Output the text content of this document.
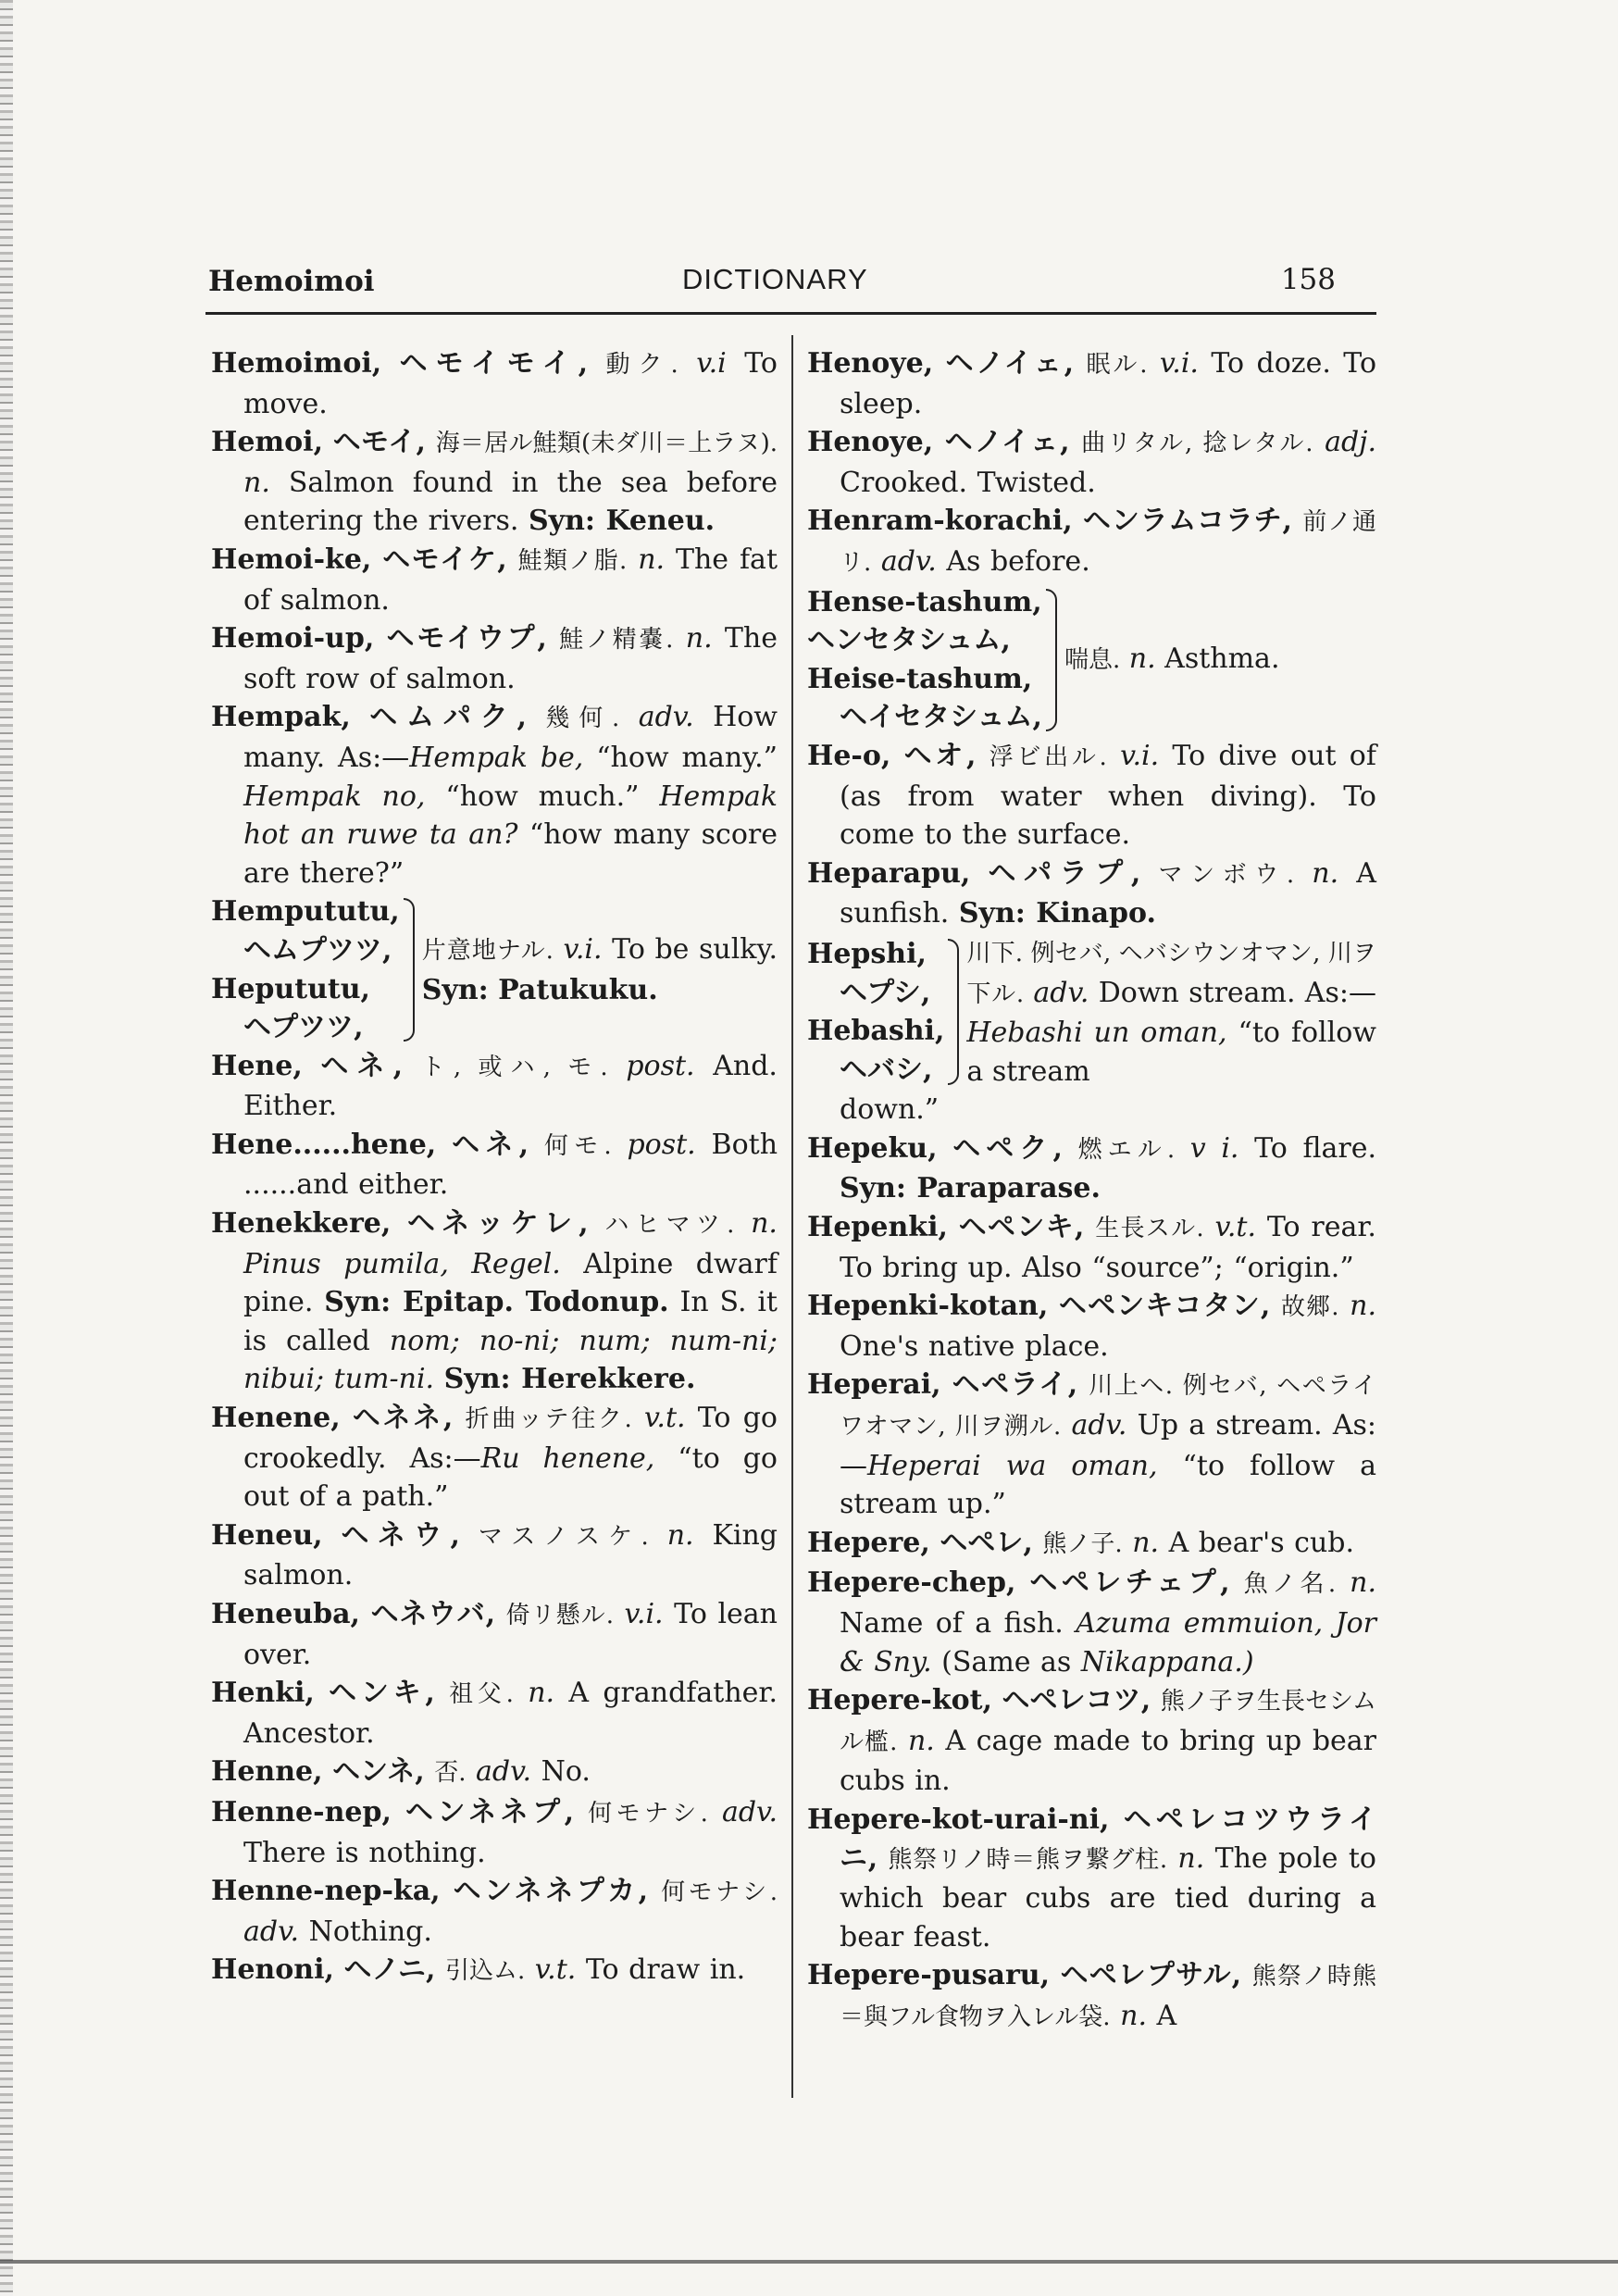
Hemoimoi	DICTIONARY	158

Hemoimoi, ヘモイモイ, 動ク. v.i To move.

Hemoi, ヘモイ, 海＝居ル鮭類(未ダ川＝上ラヌ). n. Salmon found in the sea before entering the rivers. Syn: Keneu.

Hemoi-ke, ヘモイケ, 鮭類ノ脂. n. The fat of salmon.

Hemoi-up, ヘモイウプ, 鮭ノ精嚢. n. The soft row of salmon.

Hempak, ヘムパク, 幾何. adv. How many. As:—Hempak be, “how many.” Hempak no, “how much.” Hempak hot an ruwe ta an? “how many score are there?”

Hempututu,
ヘムプツツ,
Hepututu,
ヘプツツ,
片意地ナル. v.i. To be sulky. Syn: Patukuku.

Hene, ヘネ, ト, 或ハ, モ. post. And. Either.

Hene......hene, ヘネ, 何モ. post. Both ......and either.

Henekkere, ヘネッケレ, ハヒマツ. n. Pinus pumila, Regel. Alpine dwarf pine. Syn: Epitap. Todonup. In S. it is called nom; no-ni; num; num-ni; nibui; tum-ni. Syn: Herekkere.

Henene, ヘネネ, 折曲ッテ往ク. v.t. To go crookedly. As:—Ru henene, “to go out of a path.”

Heneu, ヘネウ, マスノスケ. n. King salmon.

Heneuba, ヘネウバ, 倚リ懸ル. v.i. To lean over.

Henki, ヘンキ, 祖父. n. A grandfather. Ancestor.

Henne, ヘンネ, 否. adv. No.

Henne-nep, ヘンネネプ, 何モナシ. adv. There is nothing.

Henne-nep-ka, ヘンネネプカ, 何モナシ. adv. Nothing.

Henoni, ヘノニ, 引込ム. v.t. To draw in.

Henoye, ヘノイェ, 眠ル. v.i. To doze. To sleep.

Henoye, ヘノイェ, 曲リタル, 捻レタル. adj. Crooked. Twisted.

Henram-korachi, ヘンラムコラチ, 前ノ通リ. adv. As before.

Hense-tashum,
ヘンセタシュム,
Heise-tashum,
ヘイセタシュム,
喘息. n. Asthma.

He-o, ヘオ, 浮ビ出ル. v.i. To dive out of (as from water when diving). To come to the surface.

Heparapu, ヘパラプ, マンボウ. n. A sunfish. Syn: Kinapo.

Hepshi,
ヘプシ,
Hebashi,
ヘバシ,
川下. 例セバ, ヘバシウンオマン, 川ヲ下ル. adv. Down stream. As:—Hebashi un oman, “to follow a stream

down.”

Hepeku, ヘペク, 燃エル. v i. To flare. Syn: Paraparase.

Hepenki, ヘペンキ, 生長スル. v.t. To rear. To bring up. Also “source”; “origin.”

Hepenki-kotan, ヘペンキコタン, 故郷. n. One's native place.

Heperai, ヘペライ, 川上ヘ. 例セバ, ヘペライワオマン, 川ヲ溯ル. adv. Up a stream. As:—Heperai wa oman, “to follow a stream up.”

Hepere, ヘペレ, 熊ノ子. n. A bear's cub.

Hepere-chep, ヘペレチェプ, 魚ノ名. n. Name of a fish. Azuma emmuion, Jor & Sny. (Same as Nikappana.)

Hepere-kot, ヘペレコツ, 熊ノ子ヲ生長セシムル檻. n. A cage made to bring up bear cubs in.

Hepere-kot-urai-ni, ヘペレコツウライニ, 熊祭リノ時＝熊ヲ繋グ柱. n. The pole to which bear cubs are tied during a bear feast.

Hepere-pusaru, ヘペレプサル, 熊祭ノ時熊＝與フル食物ヲ入レル袋. n. A
